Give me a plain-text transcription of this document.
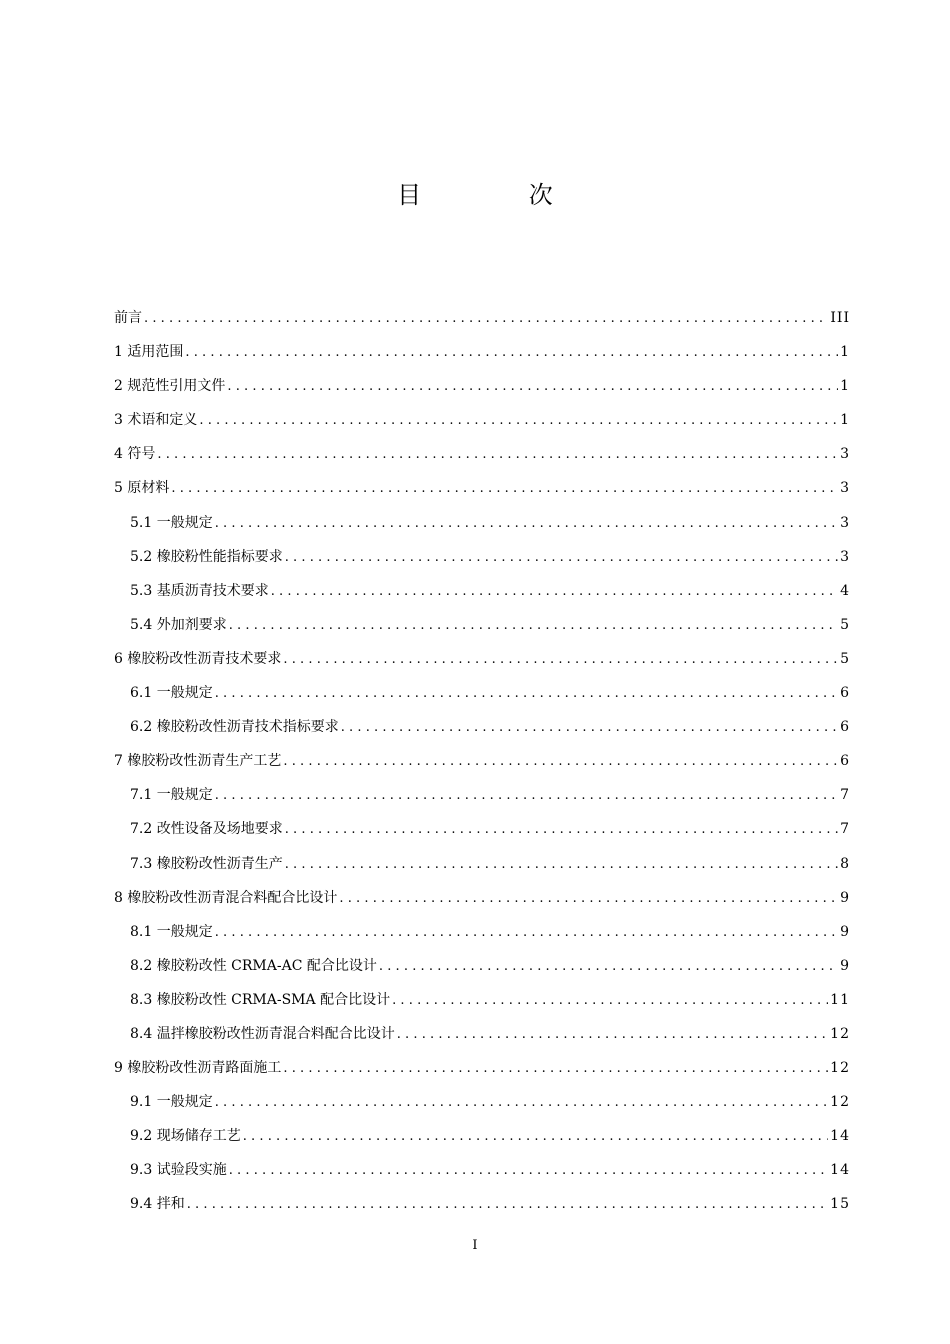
目 次
前言 .....	III
1 适用范围 .....	1
2 规范性引用文件 .....	1
3 术语和定义 .....	1
4 符号 .....	3
5 原材料 .....	3
5.1 一般规定 .....	3
5.2 橡胶粉性能指标要求 .....	3
5.3 基质沥青技术要求 .....	4
5.4 外加剂要求 .....	5
6 橡胶粉改性沥青技术要求 .....	5
6.1 一般规定 .....	6
6.2 橡胶粉改性沥青技术指标要求 .....	6
7 橡胶粉改性沥青生产工艺 .....	6
7.1 一般规定 .....	7
7.2 改性设备及场地要求 .....	7
7.3 橡胶粉改性沥青生产 .....	8
8 橡胶粉改性沥青混合料配合比设计 .....	9
8.1 一般规定 .....	9
8.2 橡胶粉改性 CRMA-AC 配合比设计 .....	9
8.3 橡胶粉改性 CRMA-SMA 配合比设计 .....	11
8.4 温拌橡胶粉改性沥青混合料配合比设计 .....	12
9 橡胶粉改性沥青路面施工 .....	12
9.1 一般规定 .....	12
9.2 现场储存工艺 .....	14
9.3 试验段实施 .....	14
9.4 拌和 .....	15
I
